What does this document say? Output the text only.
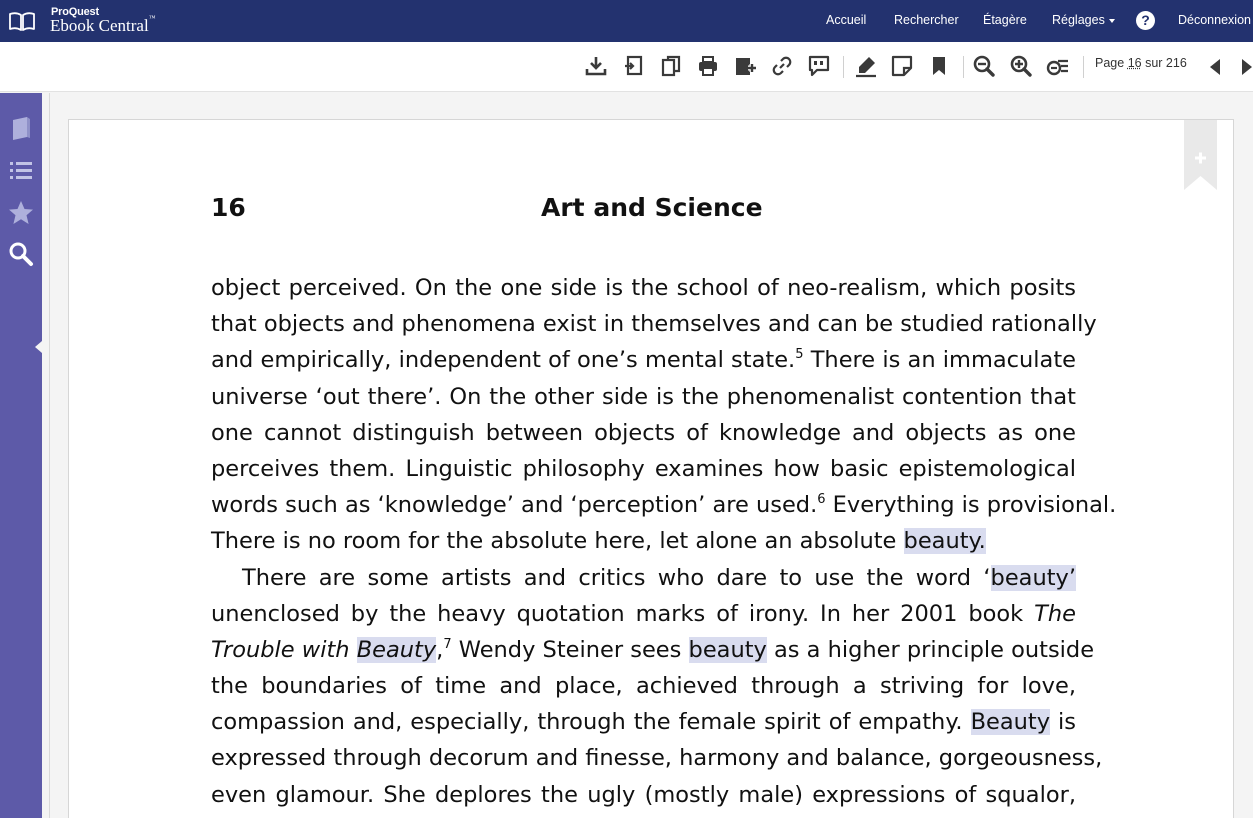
ProQuest
Ebook Central™	Accueil Rechercher Étagère Réglages	?	Déconnexion
Page 16 sur 216
16	Art and Science
object perceived. On the one side is the school of neo-realism, which posits
that objects and phenomena exist in themselves and can be studied rationally
and empirically, independent of one’s mental state.$^5$ There is an immaculate
universe ‘out there’. On the other side is the phenomenalist contention that
one cannot distinguish between objects of knowledge and objects as one
perceives them. Linguistic philosophy examines how basic epistemological
words such as ‘knowledge’ and ‘perception’ are used.$^6$ Everything is provisional.
There is no room for the absolute here, let alone an absolute beauty.
There are some artists and critics who dare to use the word ‘beauty’
unenclosed by the heavy quotation marks of irony. In her 2001 book The
Trouble with Beauty,$^7$ Wendy Steiner sees beauty as a higher principle outside
the boundaries of time and place, achieved through a striving for love,
compassion and, especially, through the female spirit of empathy. Beauty is
expressed through decorum and finesse, harmony and balance, gorgeousness,
even glamour. She deplores the ugly (mostly male) expressions of squalor,
